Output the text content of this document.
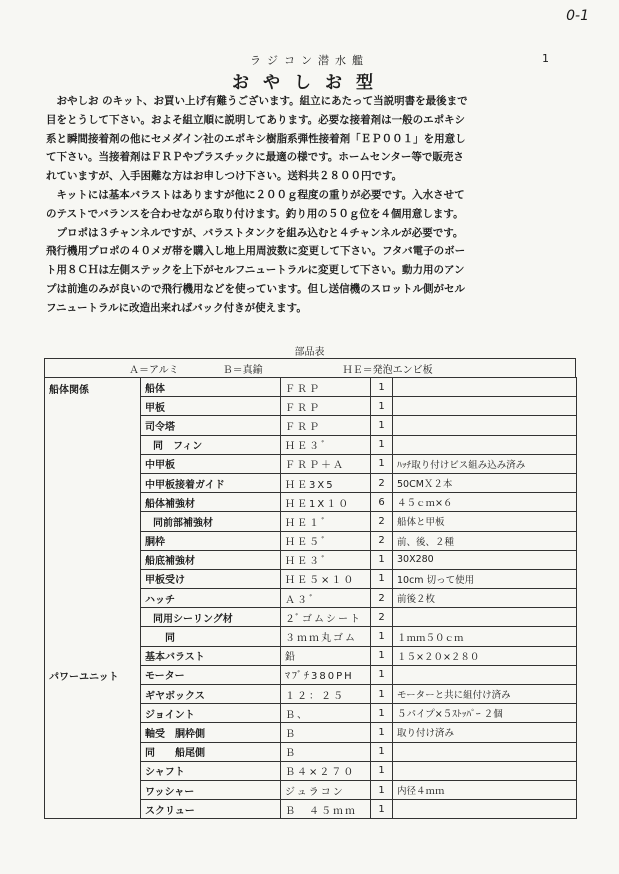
0-1
1
ラジコン潜水艦
おやしお型

おやしお のキット、お買い上げ有難うございます。組立にあたって当説明書を最後まで

目をとうして下さい。およそ組立順に説明してあります。必要な接着剤は一般のエポキシ

系と瞬間接着剤の他にセメダイン社のエポキシ樹脂系弾性接着剤「ＥＰ００１」を用意し

て下さい。当接着剤はＦＲＰやプラスチックに最適の様です。ホームセンター等で販売さ

れていますが、入手困難な方はお申しつけ下さい。送料共２８００円です。

キットには基本バラストはありますが他に２００ｇ程度の重りが必要です。入水させて

のテストでバランスを合わせながら取り付けます。釣り用の５０ｇ位を４個用意します。

プロポは３チャンネルですが、バラストタンクを組み込むと４チャンネルが必要です。

飛行機用プロポの４０メガ帯を購入し地上用周波数に変更して下さい。フタバ電子のボー

ト用８ＣＨは左側ステックを上下がセルフニュートラルに変更して下さい。動力用のアン

プは前進のみが良いので飛行機用などを使っています。但し送信機のスロットル側がセル

フニュートラルに改造出来ればバック付きが使えます。

部品表
Ａ＝アルミ	Ｂ＝真鍮	ＨＥ＝発泡エンビ板
船体関係	船体	ＦＲＰ	1	
	甲板	ＦＲＰ	1	
	司令塔	ＦＲＰ	1	
	同　フィン	ＨＥ３ﾞ	1	
	中甲板	ＦＲＰ＋Ａ	1	ﾊｯﾁ取り付けビス組み込み済み
	中甲板接着ガイド	ＨＥ3X5	2	50CMＸ２本
	船体補強材	ＨＥ1X１０	6	４５ｃｍ×６
	同前部補強材	ＨＥ１ﾞ	2	船体と甲板
	胴枠	ＨＥ５ﾞ	2	前、後、２種
	船底補強材	ＨＥ３ﾞ	1	30X280
	甲板受け	ＨＥ５×１０	1	10cm 切って使用
	ハッチ	Ａ３ﾞ	2	前後２枚
	同用シーリング材	２ﾞゴムシート	2	
	同	３ｍｍ丸ゴム	1	１ｍｍ５０ｃｍ
	基本バラスト	鉛	1	１５×２０×２８０
パワーユニット	モーター	ﾏﾌﾞﾁ380PH	1	
	ギヤボックス	１２：２５	1	モーターと共に組付け済み
	ジョイント	Ｂ、	1	５パイプ×５ｽﾄｯﾊﾟｰ ２個
	軸受　胴枠側	Ｂ	1	取り付け済み
	同　　船尾側	Ｂ	1	
	シャフト	Ｂ４×２７０	1	
	ワッシャー	ジュラコン	1	内径４ｍｍ
	スクリュー	Ｂ　４５ｍｍ	1	
